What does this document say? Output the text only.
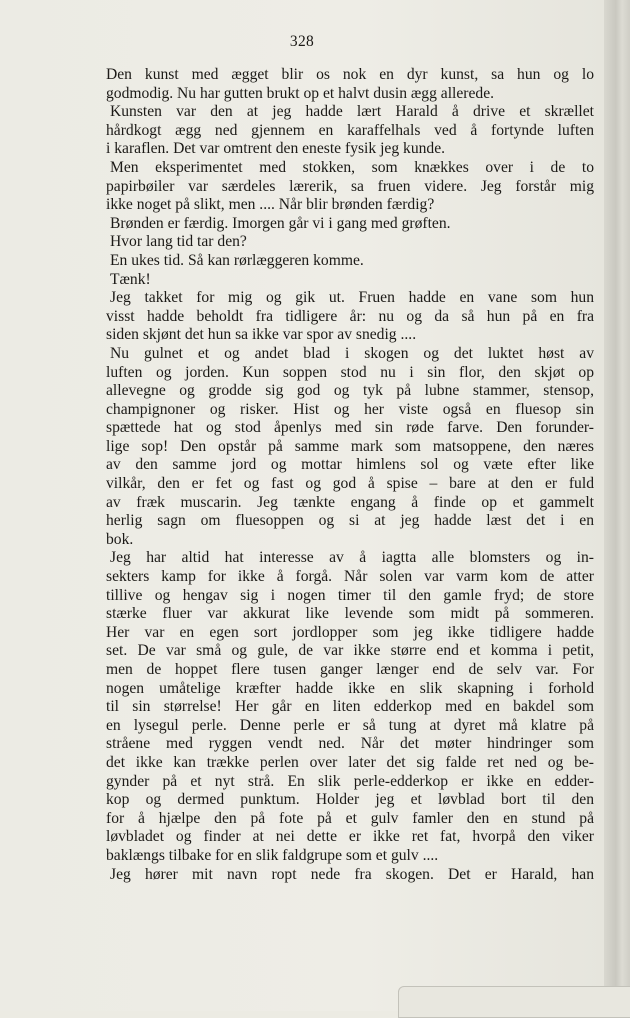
328
Den kunst med ægget blir os nok en dyr kunst, sa hun og lo
godmodig. Nu har gutten brukt op et halvt dusin ægg allerede.
Kunsten var den at jeg hadde lært Harald å drive et skrællet
hårdkogt ægg ned gjennem en karaffelhals ved å fortynde luften
i karaflen. Det var omtrent den eneste fysik jeg kunde.
Men eksperimentet med stokken, som knækkes over i de to
papirbøiler var særdeles lærerik, sa fruen videre. Jeg forstår mig
ikke noget på slikt, men .... Når blir brønden færdig?
Brønden er færdig. Imorgen går vi i gang med grøften.
Hvor lang tid tar den?
En ukes tid. Så kan rørlæggeren komme.
Tænk!
Jeg takket for mig og gik ut. Fruen hadde en vane som hun
visst hadde beholdt fra tidligere år: nu og da så hun på en fra
siden skjønt det hun sa ikke var spor av snedig ....
Nu gulnet et og andet blad i skogen og det luktet høst av
luften og jorden. Kun soppen stod nu i sin flor, den skjøt op
allevegne og grodde sig god og tyk på lubne stammer, stensop,
champignoner og risker. Hist og her viste også en fluesop sin
spættede hat og stod åpenlys med sin røde farve. Den forunder-
lige sop! Den opstår på samme mark som matsoppene, den næres
av den samme jord og mottar himlens sol og væte efter like
vilkår, den er fet og fast og god å spise – bare at den er fuld
av fræk muscarin. Jeg tænkte engang å finde op et gammelt
herlig sagn om fluesoppen og si at jeg hadde læst det i en
bok.
Jeg har altid hat interesse av å iagtta alle blomsters og in-
sekters kamp for ikke å forgå. Når solen var varm kom de atter
tillive og hengav sig i nogen timer til den gamle fryd; de store
stærke fluer var akkurat like levende som midt på sommeren.
Her var en egen sort jordlopper som jeg ikke tidligere hadde
set. De var små og gule, de var ikke større end et komma i petit,
men de hoppet flere tusen ganger længer end de selv var. For
nogen umåtelige kræfter hadde ikke en slik skapning i forhold
til sin størrelse! Her går en liten edderkop med en bakdel som
en lysegul perle. Denne perle er så tung at dyret må klatre på
stråene med ryggen vendt ned. Når det møter hindringer som
det ikke kan trække perlen over later det sig falde ret ned og be-
gynder på et nyt strå. En slik perle-edderkop er ikke en edder-
kop og dermed punktum. Holder jeg et løvblad bort til den
for å hjælpe den på fote på et gulv famler den en stund på
løvbladet og finder at nei dette er ikke ret fat, hvorpå den viker
baklængs tilbake for en slik faldgrupe som et gulv ....
Jeg hører mit navn ropt nede fra skogen. Det er Harald, han
